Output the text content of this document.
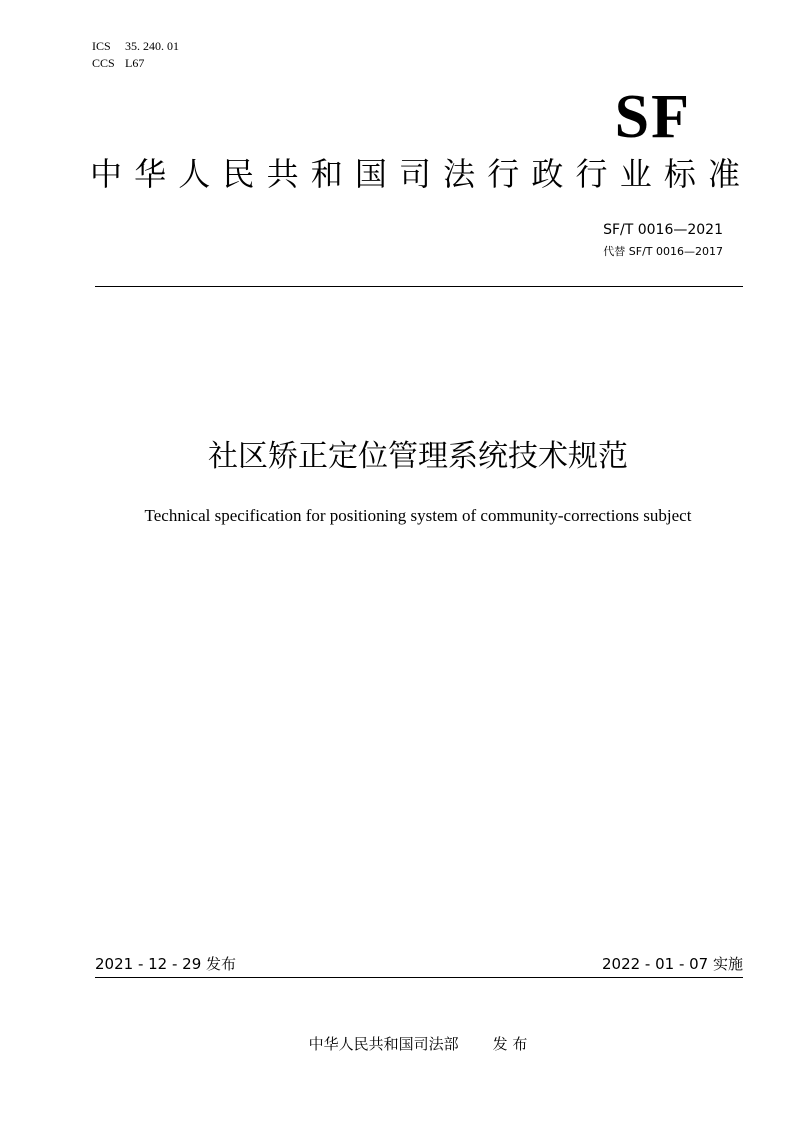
ICS 35. 240. 01
CCS L67
SF
中华人民共和国司法行政行业标准
SF/T 0016—2021
代替 SF/T 0016—2017
社区矫正定位管理系统技术规范
Technical specification for positioning system of community-corrections subject
2021 - 12 - 29 发布	2022 - 01 - 07 实施
中华人民共和国司法部 发 布
